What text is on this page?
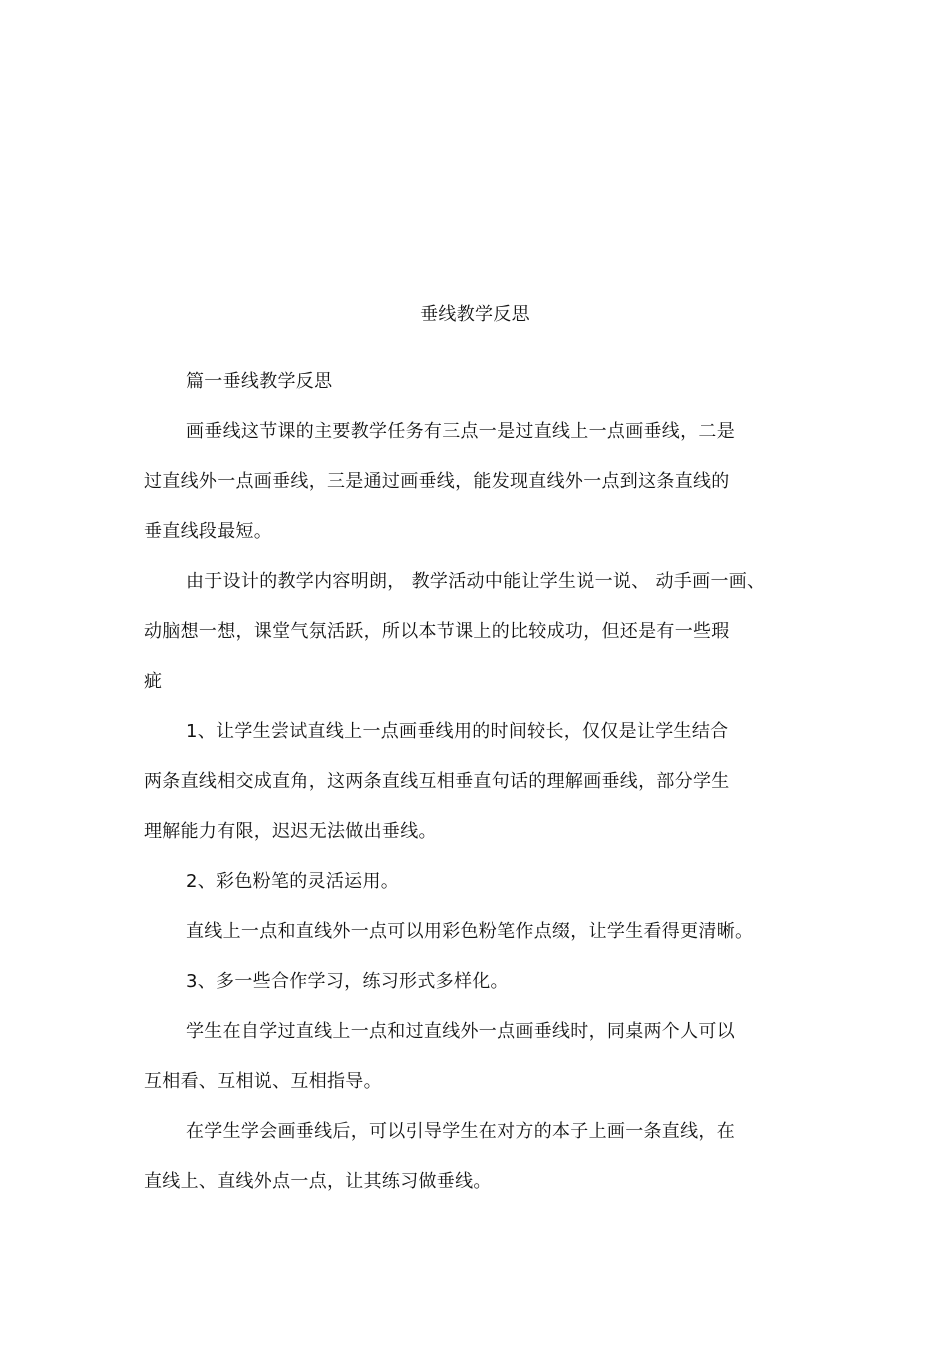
垂线教学反思
篇一垂线教学反思
画垂线这节课的主要教学任务有三点一是过直线上一点画垂线，二是
过直线外一点画垂线，三是通过画垂线，能发现直线外一点到这条直线的
垂直线段最短。
由于设计的教学内容明朗， 教学活动中能让学生说一说、 动手画一画、
动脑想一想，课堂气氛活跃，所以本节课上的比较成功，但还是有一些瑕
疵
1、让学生尝试直线上一点画垂线用的时间较长，仅仅是让学生结合
两条直线相交成直角，这两条直线互相垂直句话的理解画垂线，部分学生
理解能力有限，迟迟无法做出垂线。
2、彩色粉笔的灵活运用。
直线上一点和直线外一点可以用彩色粉笔作点缀，让学生看得更清晰。
3、多一些合作学习，练习形式多样化。
学生在自学过直线上一点和过直线外一点画垂线时，同桌两个人可以
互相看、互相说、互相指导。
在学生学会画垂线后，可以引导学生在对方的本子上画一条直线，在
直线上、直线外点一点，让其练习做垂线。
